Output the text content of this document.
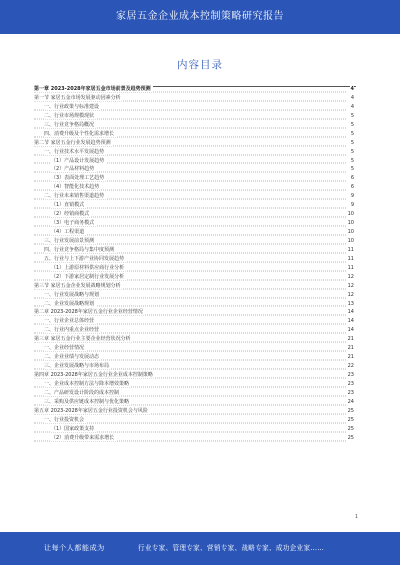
家居五金企业成本控制策略研究报告
内容目录
第一章 2023-2028年家居五金市场前景及趋势预测	4
第一节 家居五金市场发展驱动因素分析	4
一、行业政策与标准建设	4
二、行业市场规模现状	5
三、行业竞争格局概况	5
四、消费升级及个性化需求增长	5
第二节 家居五金行业发展趋势预测	5
一、行业技术水平发展趋势	5
（1）产品设计发展趋势	5
（2）产品材料趋势	5
（3）表面处理工艺趋势	6
（4）智能化技术趋势	6
二、行业未来销售渠道趋势	9
（1）直销模式	9
（2）经销商模式	10
（3）电子商务模式	10
（4）工程渠道	10
三、行业发展前景预测	10
四、行业竞争格局与集中度预测	11
五、行业与上下游产业协同发展趋势	11
（1）上游原材料供应商行业分析	11
（2）下游家居定制行业发展分析	12
第三节 家居五金企业发展战略规划分析	12
一、行业发展战略与规划	12
二、企业发展战略规划	13
第二章 2023-2028年家居五金行业企业经营情况	14
一、行业企业总体经营	14
二、行业内重点企业经营	14
第三章 家居五金行业主要企业经营状况分析	21
一、企业经营情况	21
二、企业业绩与发展动态	21
三、企业发展战略与市场布局	22
第四章 2023-2028年家居五金行业企业成本控制策略	23
一、企业成本控制方法与降本增效策略	23
二、产品研发设计阶段的成本控制	23
三、采购及供应链成本控制与优化策略	24
第五章 2023-2028年家居五金行业投资机会与风险	25
一、行业投资机会	25
（1）国家政策支持	25
（2）消费升级带来需求增长	25
1
让每个人都能成为	行业专家、管理专家、营销专家、战略专家、成功企业家……
